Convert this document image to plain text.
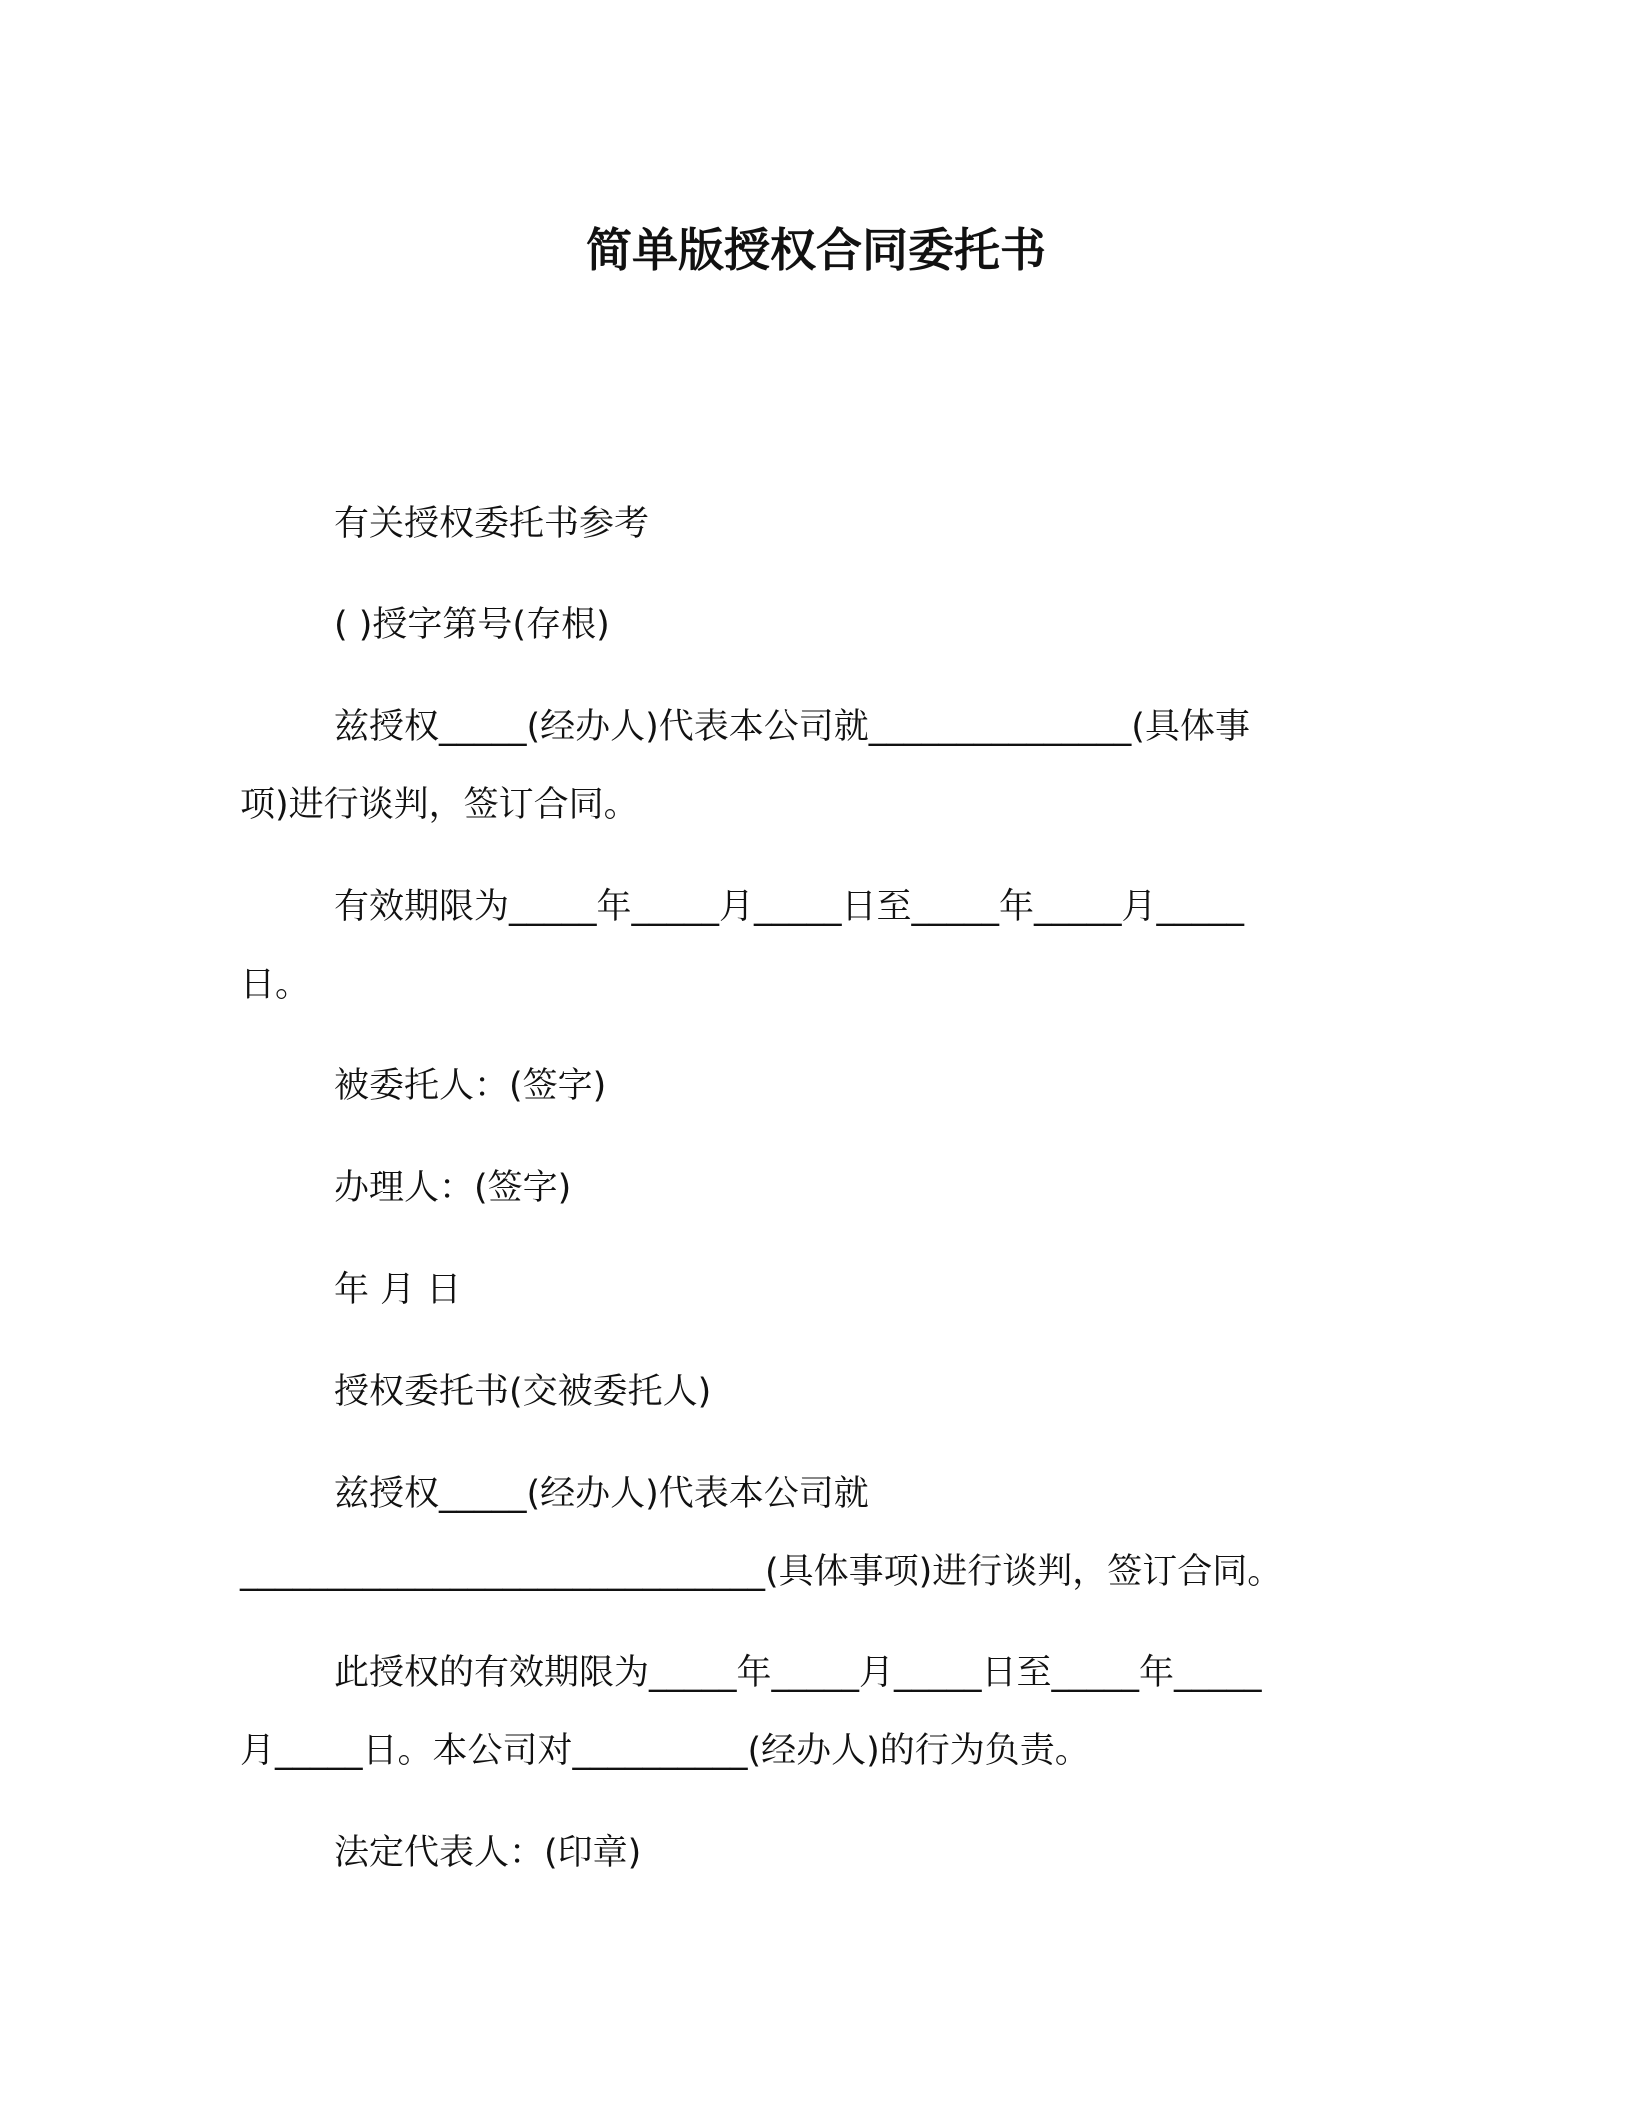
简单版授权合同委托书
有关授权委托书参考
( )授字第号(存根)
兹授权_____(经办人)代表本公司就_______________(具体事
项)进行谈判，签订合同。
有效期限为_____年_____月_____日至_____年_____月_____
日。
被委托人：(签字)
办理人：(签字)
年 月 日
授权委托书(交被委托人)
兹授权_____(经办人)代表本公司就
______________________________(具体事项)进行谈判，签订合同。
此授权的有效期限为_____年_____月_____日至_____年_____
月_____日。本公司对__________(经办人)的行为负责。
法定代表人：(印章)
